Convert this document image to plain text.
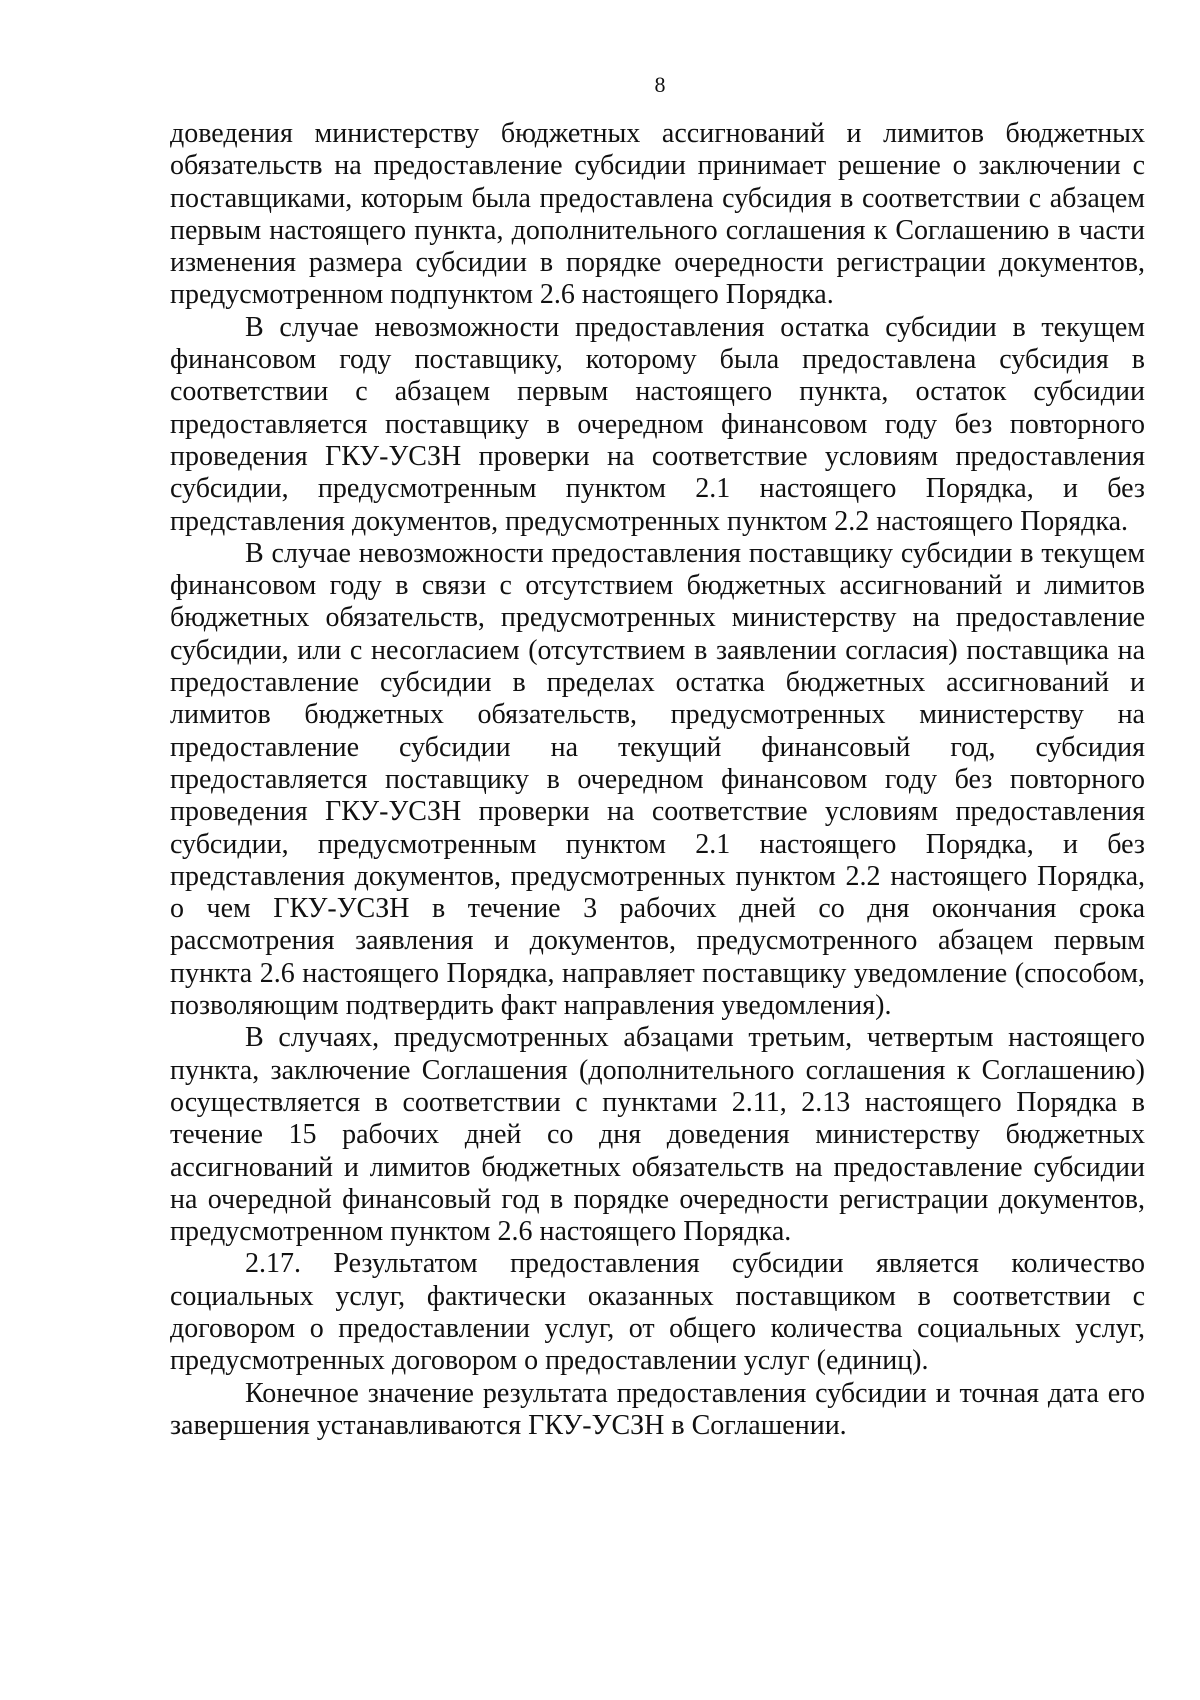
8

доведения министерству бюджетных ассигнований и лимитов бюджетных обязательств на предоставление субсидии принимает решение о заключении с поставщиками, которым была предоставлена субсидия в соответствии с абзацем первым настоящего пункта, дополнительного соглашения к Соглашению в части изменения размера субсидии в порядке очередности регистрации документов, предусмотренном подпунктом 2.6 настоящего Порядка.

В случае невозможности предоставления остатка субсидии в текущем финансовом году поставщику, которому была предоставлена субсидия в соответствии с абзацем первым настоящего пункта, остаток субсидии предоставляется поставщику в очередном финансовом году без повторного проведения ГКУ-УСЗН проверки на соответствие условиям предоставления субсидии, предусмотренным пунктом 2.1 настоящего Порядка, и без представления документов, предусмотренных пунктом 2.2 настоящего Порядка.

В случае невозможности предоставления поставщику субсидии в текущем финансовом году в связи с отсутствием бюджетных ассигнований и лимитов бюджетных обязательств, предусмотренных министерству на предоставление субсидии, или с несогласием (отсутствием в заявлении согласия) поставщика на предоставление субсидии в пределах остатка бюджетных ассигнований и лимитов бюджетных обязательств, предусмотренных министерству на предоставление субсидии на текущий финансовый год, субсидия предоставляется поставщику в очередном финансовом году без повторного проведения ГКУ-УСЗН проверки на соответствие условиям предоставления субсидии, предусмотренным пунктом 2.1 настоящего Порядка, и без представления документов, предусмотренных пунктом 2.2 настоящего Порядка, о чем ГКУ-УСЗН в течение 3 рабочих дней со дня окончания срока рассмотрения заявления и документов, предусмотренного абзацем первым пункта 2.6 настоящего Порядка, направляет поставщику уведомление (способом, позволяющим подтвердить факт направления уведомления).

В случаях, предусмотренных абзацами третьим, четвертым настоящего пункта, заключение Соглашения (дополнительного соглашения к Соглашению) осуществляется в соответствии с пунктами 2.11, 2.13 настоящего Порядка в течение 15 рабочих дней со дня доведения министерству бюджетных ассигнований и лимитов бюджетных обязательств на предоставление субсидии на очередной финансовый год в порядке очередности регистрации документов, предусмотренном пунктом 2.6 настоящего Порядка.

2.17. Результатом предоставления субсидии является количество социальных услуг, фактически оказанных поставщиком в соответствии с договором о предоставлении услуг, от общего количества социальных услуг, предусмотренных договором о предоставлении услуг (единиц).

Конечное значение результата предоставления субсидии и точная дата его завершения устанавливаются ГКУ-УСЗН в Соглашении.
